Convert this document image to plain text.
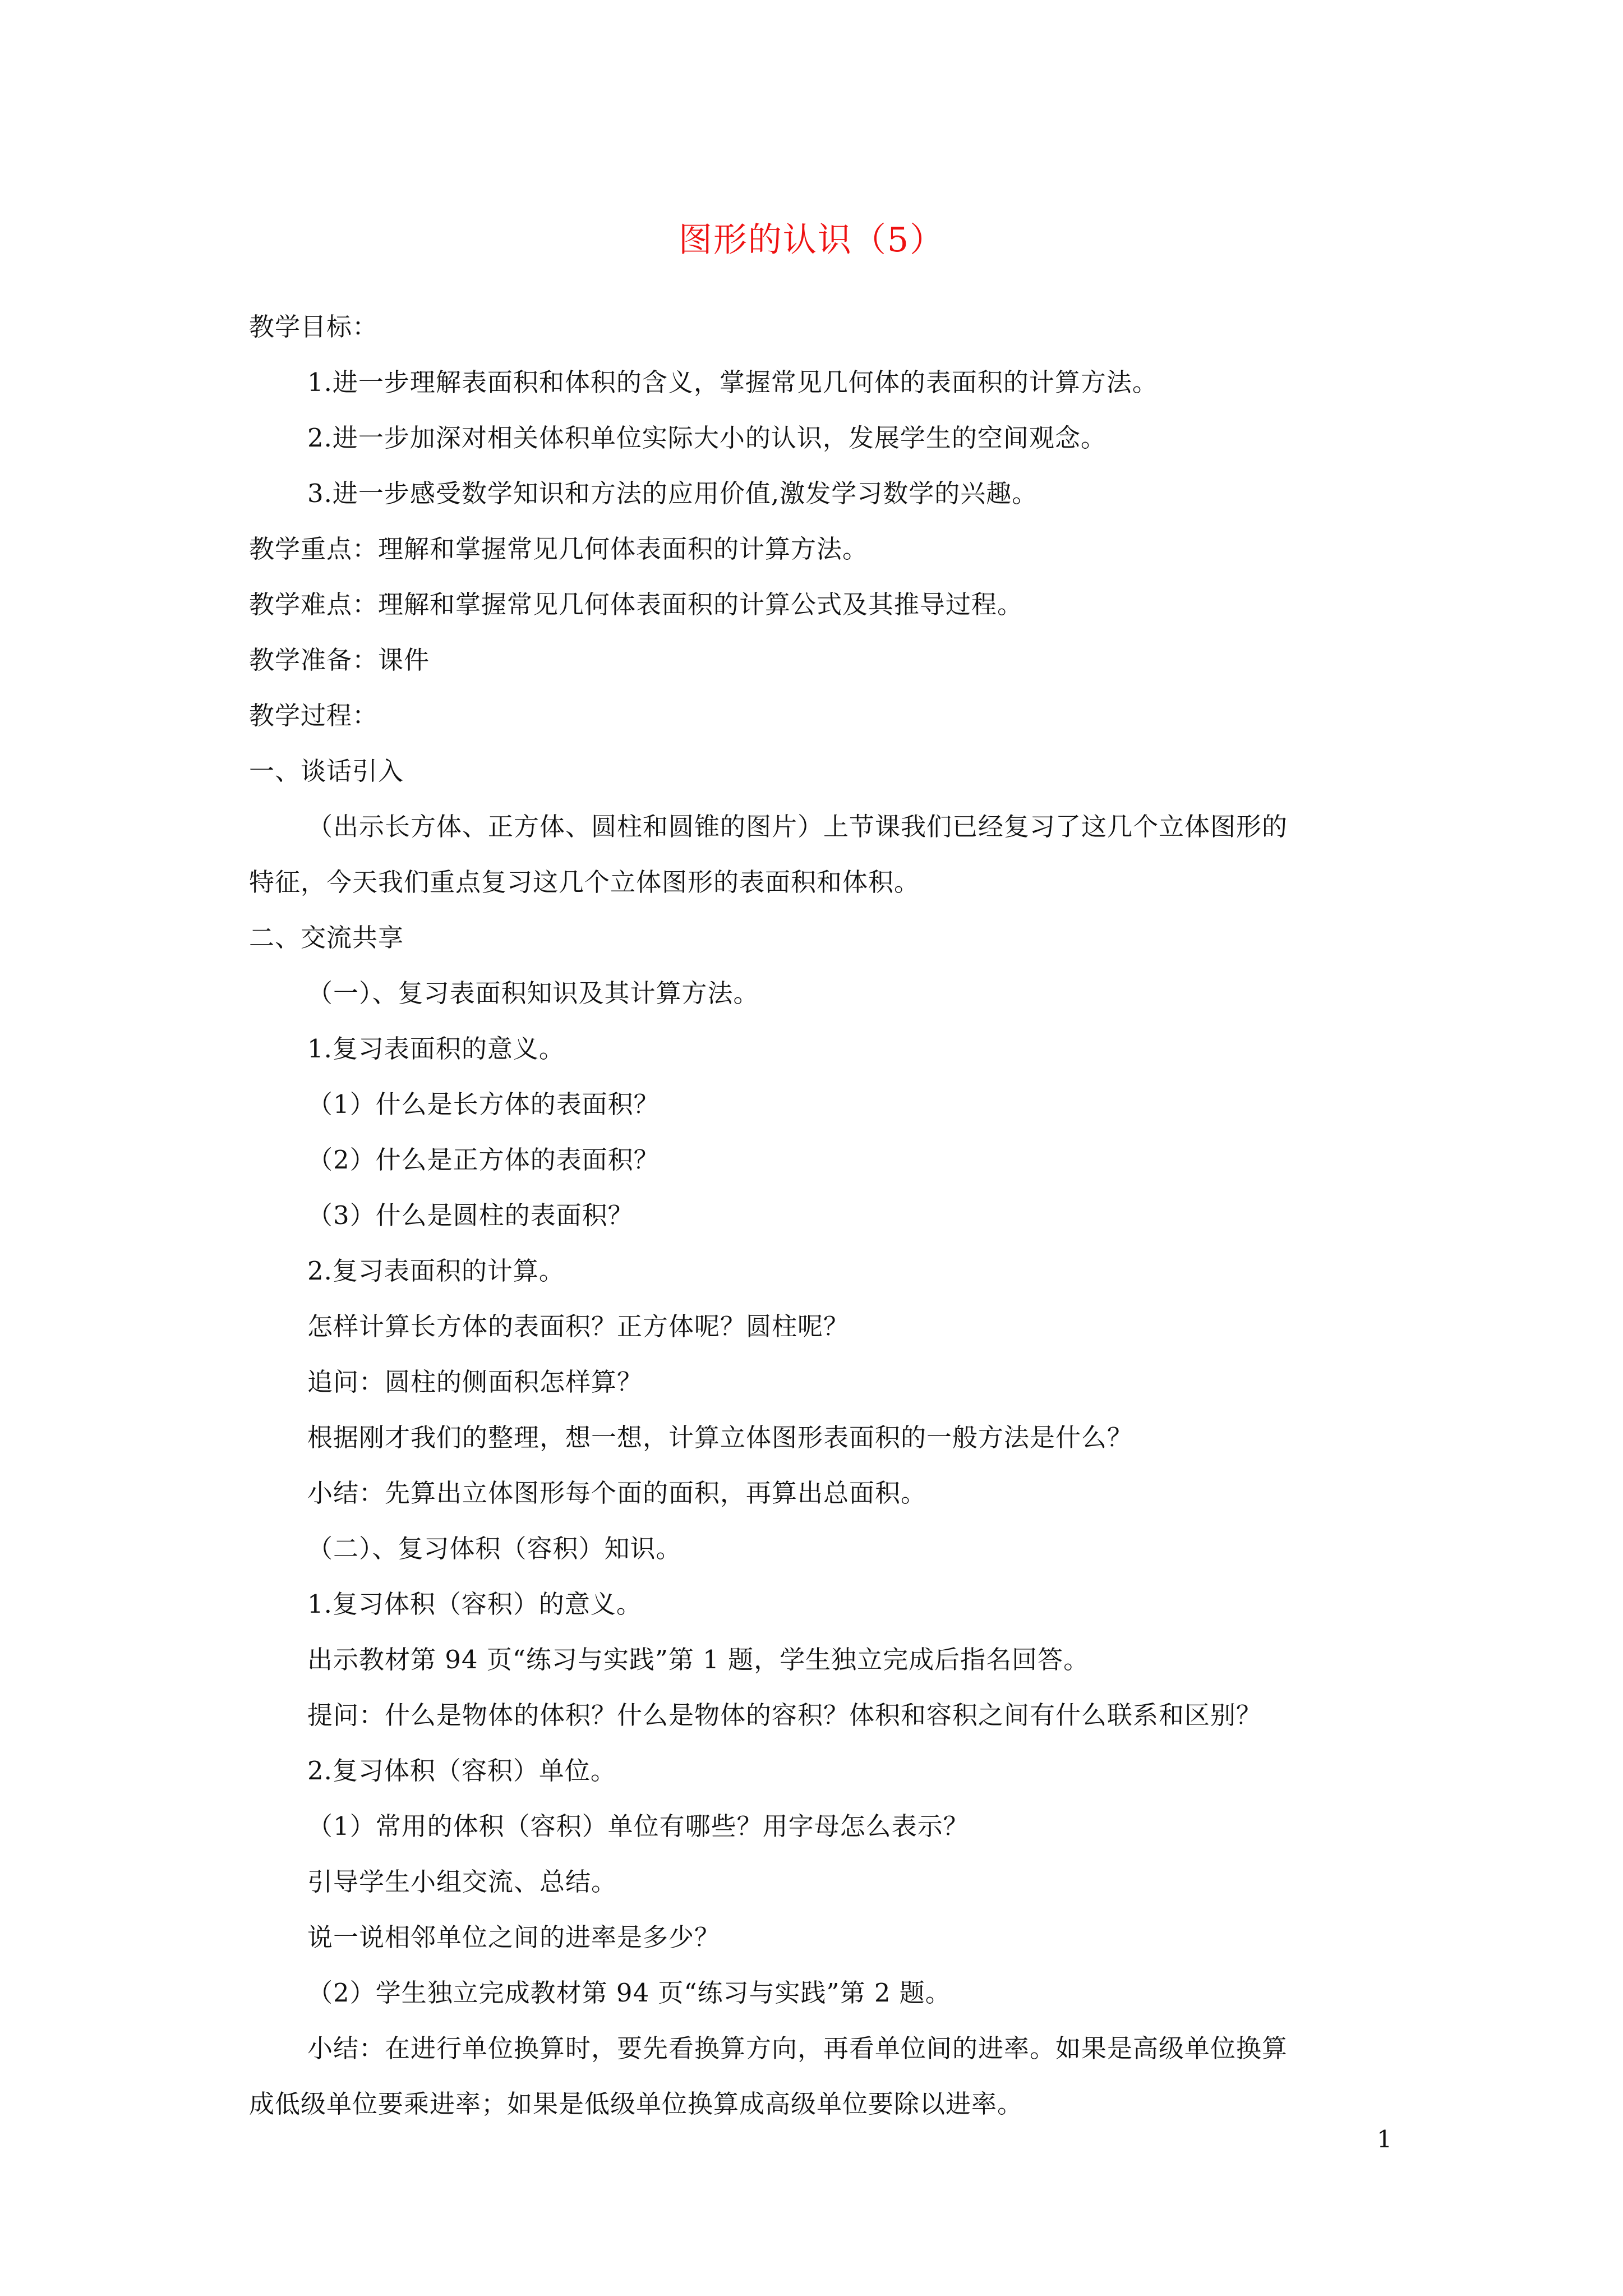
图形的认识（5）
教学目标：
1.进一步理解表面积和体积的含义，掌握常见几何体的表面积的计算方法。
2.进一步加深对相关体积单位实际大小的认识，发展学生的空间观念。
3.进一步感受数学知识和方法的应用价值,激发学习数学的兴趣。
教学重点：理解和掌握常见几何体表面积的计算方法。
教学难点：理解和掌握常见几何体表面积的计算公式及其推导过程。
教学准备：课件
教学过程：
一、谈话引入
（出示长方体、正方体、圆柱和圆锥的图片）上节课我们已经复习了这几个立体图形的
特征，今天我们重点复习这几个立体图形的表面积和体积。
二、交流共享
（一）、复习表面积知识及其计算方法。
1.复习表面积的意义。
（1）什么是长方体的表面积？
（2）什么是正方体的表面积？
（3）什么是圆柱的表面积？
2.复习表面积的计算。
怎样计算长方体的表面积？正方体呢？圆柱呢？
追问：圆柱的侧面积怎样算？
根据刚才我们的整理，想一想，计算立体图形表面积的一般方法是什么？
小结：先算出立体图形每个面的面积，再算出总面积。
（二）、复习体积（容积）知识。
1.复习体积（容积）的意义。
出示教材第 94 页“练习与实践”第 1 题，学生独立完成后指名回答。
提问：什么是物体的体积？什么是物体的容积？体积和容积之间有什么联系和区别？
2.复习体积（容积）单位。
（1）常用的体积（容积）单位有哪些？用字母怎么表示？
引导学生小组交流、总结。
说一说相邻单位之间的进率是多少？
（2）学生独立完成教材第 94 页“练习与实践”第 2 题。
小结：在进行单位换算时，要先看换算方向，再看单位间的进率。如果是高级单位换算
成低级单位要乘进率；如果是低级单位换算成高级单位要除以进率。
1
